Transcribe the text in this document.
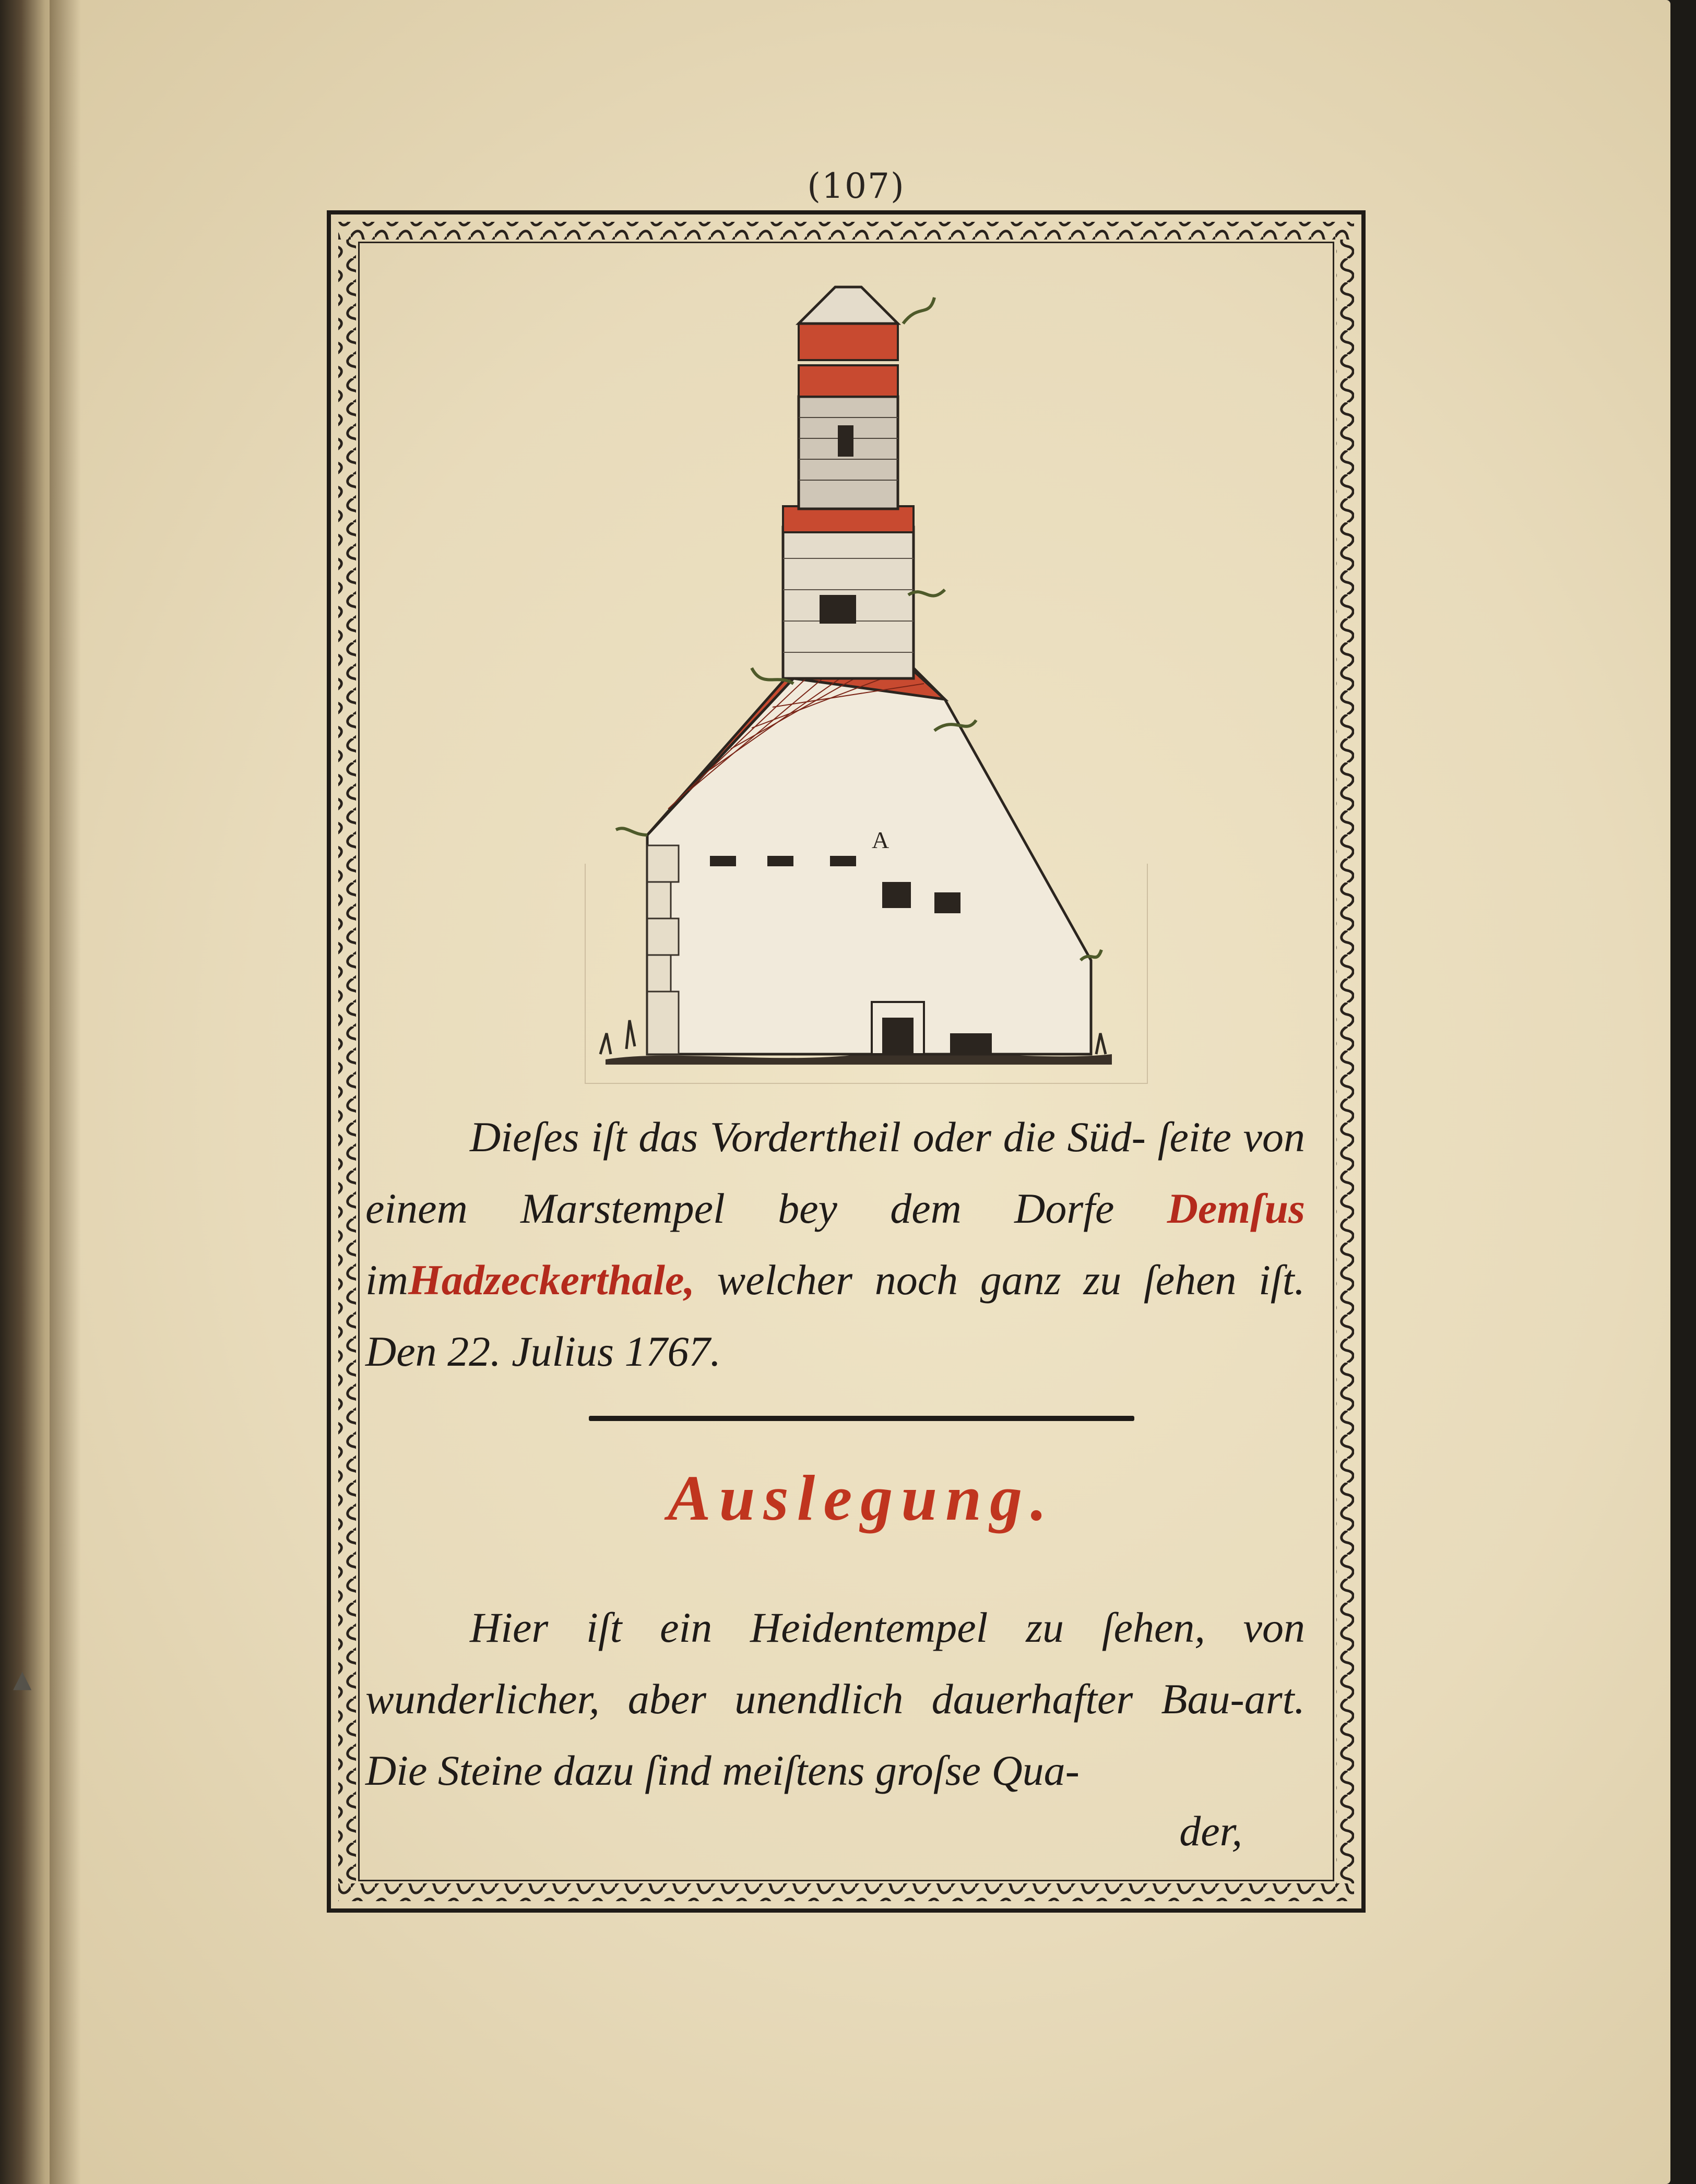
▲
(107)
A
Dieſes iſt das Vordertheil oder die Süd- ſeite von einem Marstempel bey dem Dorfe Demſus imHadzeckerthale, welcher noch ganz zu ſehen iſt. Den 22. Julius 1767.
Auslegung.
Hier iſt ein Heidentempel zu ſehen, von wunderlicher, aber unendlich dauerhafter Bau-art. Die Steine dazu ſind meiſtens groſse Qua-
der,
